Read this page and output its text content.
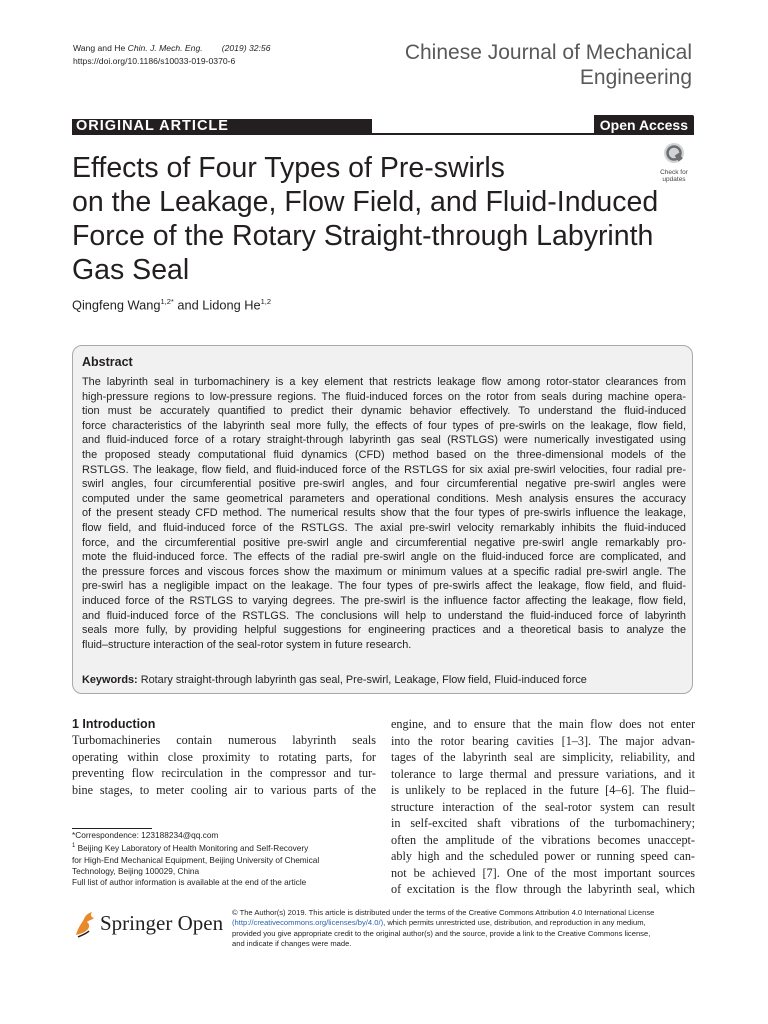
Wang and He Chin. J. Mech. Eng. (2019) 32:56
https://doi.org/10.1186/s10033-019-0370-6	Chinese Journal of Mechanical
Engineering
ORIGINAL ARTICLE	Open Access
Effects of Four Types of Pre-swirls
on the Leakage, Flow Field, and Fluid-Induced
Force of the Rotary Straight-through Labyrinth
Gas Seal
Check for
updates
Qingfeng Wang$^{1,2*}$ and Lidong He$^{1,2}$
Abstract
The labyrinth seal in turbomachinery is a key element that restricts leakage flow among rotor-stator clearances from
high-pressure regions to low-pressure regions. The fluid-induced forces on the rotor from seals during machine opera-
tion must be accurately quantified to predict their dynamic behavior effectively. To understand the fluid-induced
force characteristics of the labyrinth seal more fully, the effects of four types of pre-swirls on the leakage, flow field,
and fluid-induced force of a rotary straight-through labyrinth gas seal (RSTLGS) were numerically investigated using
the proposed steady computational fluid dynamics (CFD) method based on the three-dimensional models of the
RSTLGS. The leakage, flow field, and fluid-induced force of the RSTLGS for six axial pre-swirl velocities, four radial pre-
swirl angles, four circumferential positive pre-swirl angles, and four circumferential negative pre-swirl angles were
computed under the same geometrical parameters and operational conditions. Mesh analysis ensures the accuracy
of the present steady CFD method. The numerical results show that the four types of pre-swirls influence the leakage,
flow field, and fluid-induced force of the RSTLGS. The axial pre-swirl velocity remarkably inhibits the fluid-induced
force, and the circumferential positive pre-swirl angle and circumferential negative pre-swirl angle remarkably pro-
mote the fluid-induced force. The effects of the radial pre-swirl angle on the fluid-induced force are complicated, and
the pressure forces and viscous forces show the maximum or minimum values at a specific radial pre-swirl angle. The
pre-swirl has a negligible impact on the leakage. The four types of pre-swirls affect the leakage, flow field, and fluid-
induced force of the RSTLGS to varying degrees. The pre-swirl is the influence factor affecting the leakage, flow field,
and fluid-induced force of the RSTLGS. The conclusions will help to understand the fluid-induced force of labyrinth
seals more fully, by providing helpful suggestions for engineering practices and a theoretical basis to analyze the
fluid–structure interaction of the seal-rotor system in future research.
Keywords: Rotary straight-through labyrinth gas seal, Pre-swirl, Leakage, Flow field, Fluid-induced force
1 Introduction
Turbomachineries contain numerous labyrinth seals
operating within close proximity to rotating parts, for
preventing flow recirculation in the compressor and tur-
bine stages, to meter cooling air to various parts of the
engine, and to ensure that the main flow does not enter
into the rotor bearing cavities [1–3]. The major advan-
tages of the labyrinth seal are simplicity, reliability, and
tolerance to large thermal and pressure variations, and it
is unlikely to be replaced in the future [4–6]. The fluid–
structure interaction of the seal-rotor system can result
in self-excited shaft vibrations of the turbomachinery;
often the amplitude of the vibrations becomes unaccept-
ably high and the scheduled power or running speed can-
not be achieved [7]. One of the most important sources
of excitation is the flow through the labyrinth seal, which
*Correspondence: 123188234@qq.com
$^1$ Beijing Key Laboratory of Health Monitoring and Self-Recovery
for High-End Mechanical Equipment, Beijing University of Chemical
Technology, Beijing 100029, China
Full list of author information is available at the end of the article
Springer Open © The Author(s) 2019. This article is distributed under the terms of the Creative Commons Attribution 4.0 International License
(http://creativecommons.org/licenses/by/4.0/), which permits unrestricted use, distribution, and reproduction in any medium,
provided you give appropriate credit to the original author(s) and the source, provide a link to the Creative Commons license,
and indicate if changes were made.
